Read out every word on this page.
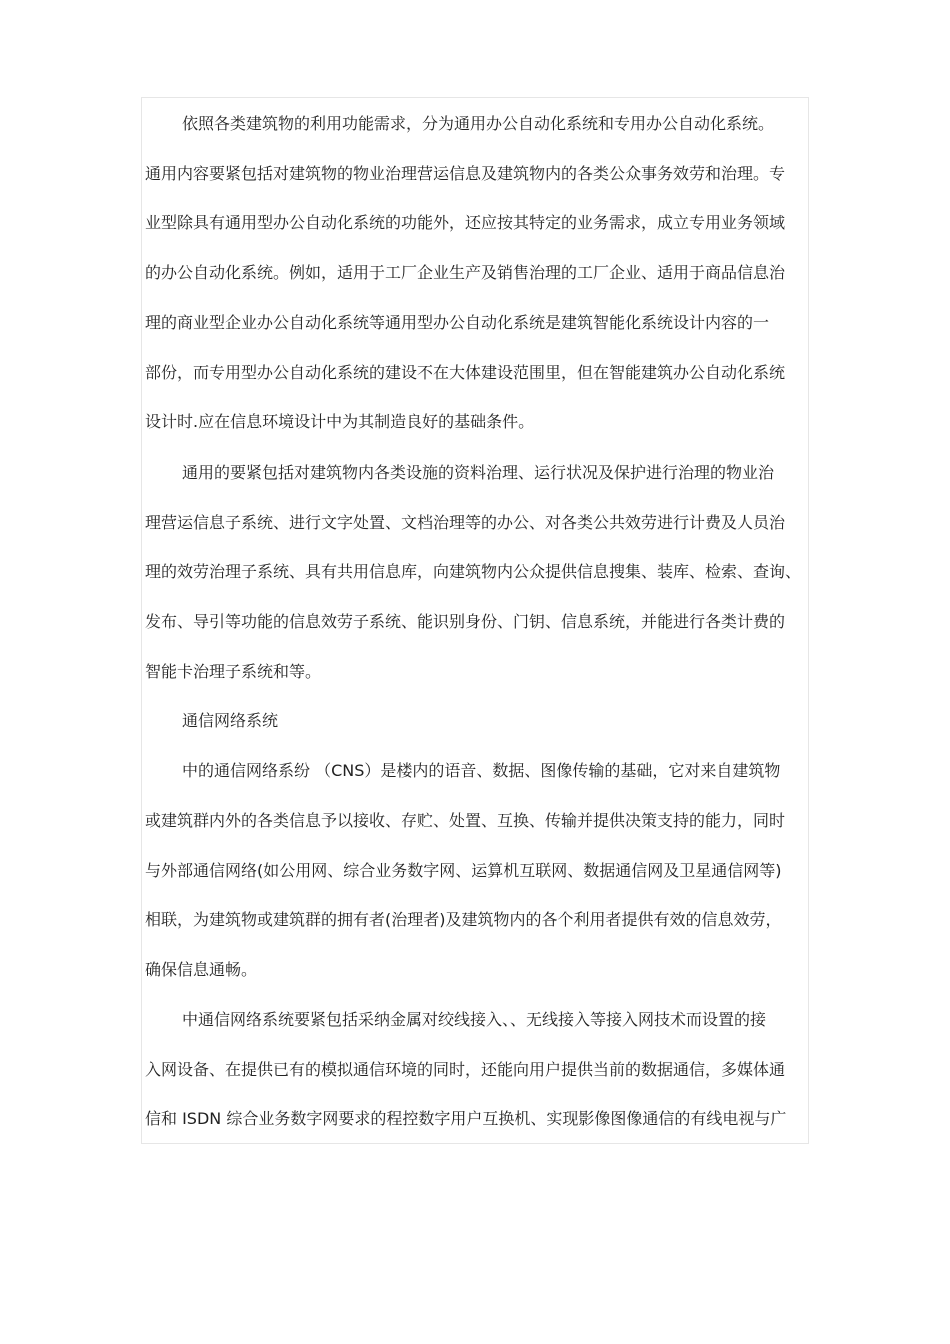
依照各类建筑物的利用功能需求，分为通用办公自动化系统和专用办公自动化系统。
通用内容要紧包括对建筑物的物业治理营运信息及建筑物内的各类公众事务效劳和治理。专
业型除具有通用型办公自动化系统的功能外，还应按其特定的业务需求，成立专用业务领域
的办公自动化系统。例如，适用于工厂企业生产及销售治理的工厂企业、适用于商品信息治
理的商业型企业办公自动化系统等通用型办公自动化系统是建筑智能化系统设计内容的一
部份，而专用型办公自动化系统的建设不在大体建设范围里，但在智能建筑办公自动化系统
设计时.应在信息环境设计中为其制造良好的基础条件。
通用的要紧包括对建筑物内各类设施的资料治理、运行状况及保护进行治理的物业治
理营运信息子系统、进行文字处置、文档治理等的办公、对各类公共效劳进行计费及人员治
理的效劳治理子系统、具有共用信息库，向建筑物内公众提供信息搜集、装库、检索、查询、
发布、导引等功能的信息效劳子系统、能识别身份、门钥、信息系统，并能进行各类计费的
智能卡治理子系统和等。
通信网络系统
中的通信网络系纷 （CNS）是楼内的语音、数据、图像传输的基础，它对来自建筑物
或建筑群内外的各类信息予以接收、存贮、处置、互换、传输并提供决策支持的能力，同时
与外部通信网络(如公用网、综合业务数字网、运算机互联网、数据通信网及卫星通信网等)
相联，为建筑物或建筑群的拥有者(治理者)及建筑物内的各个利用者提供有效的信息效劳，
确保信息通畅。
中通信网络系统要紧包括采纳金属对绞线接入、、无线接入等接入网技术而设置的接
入网设备、在提供已有的模拟通信环境的同时，还能向用户提供当前的数据通信，多媒体通
信和 ISDN 综合业务数字网要求的程控数字用户互换机、实现影像图像通信的有线电视与广
